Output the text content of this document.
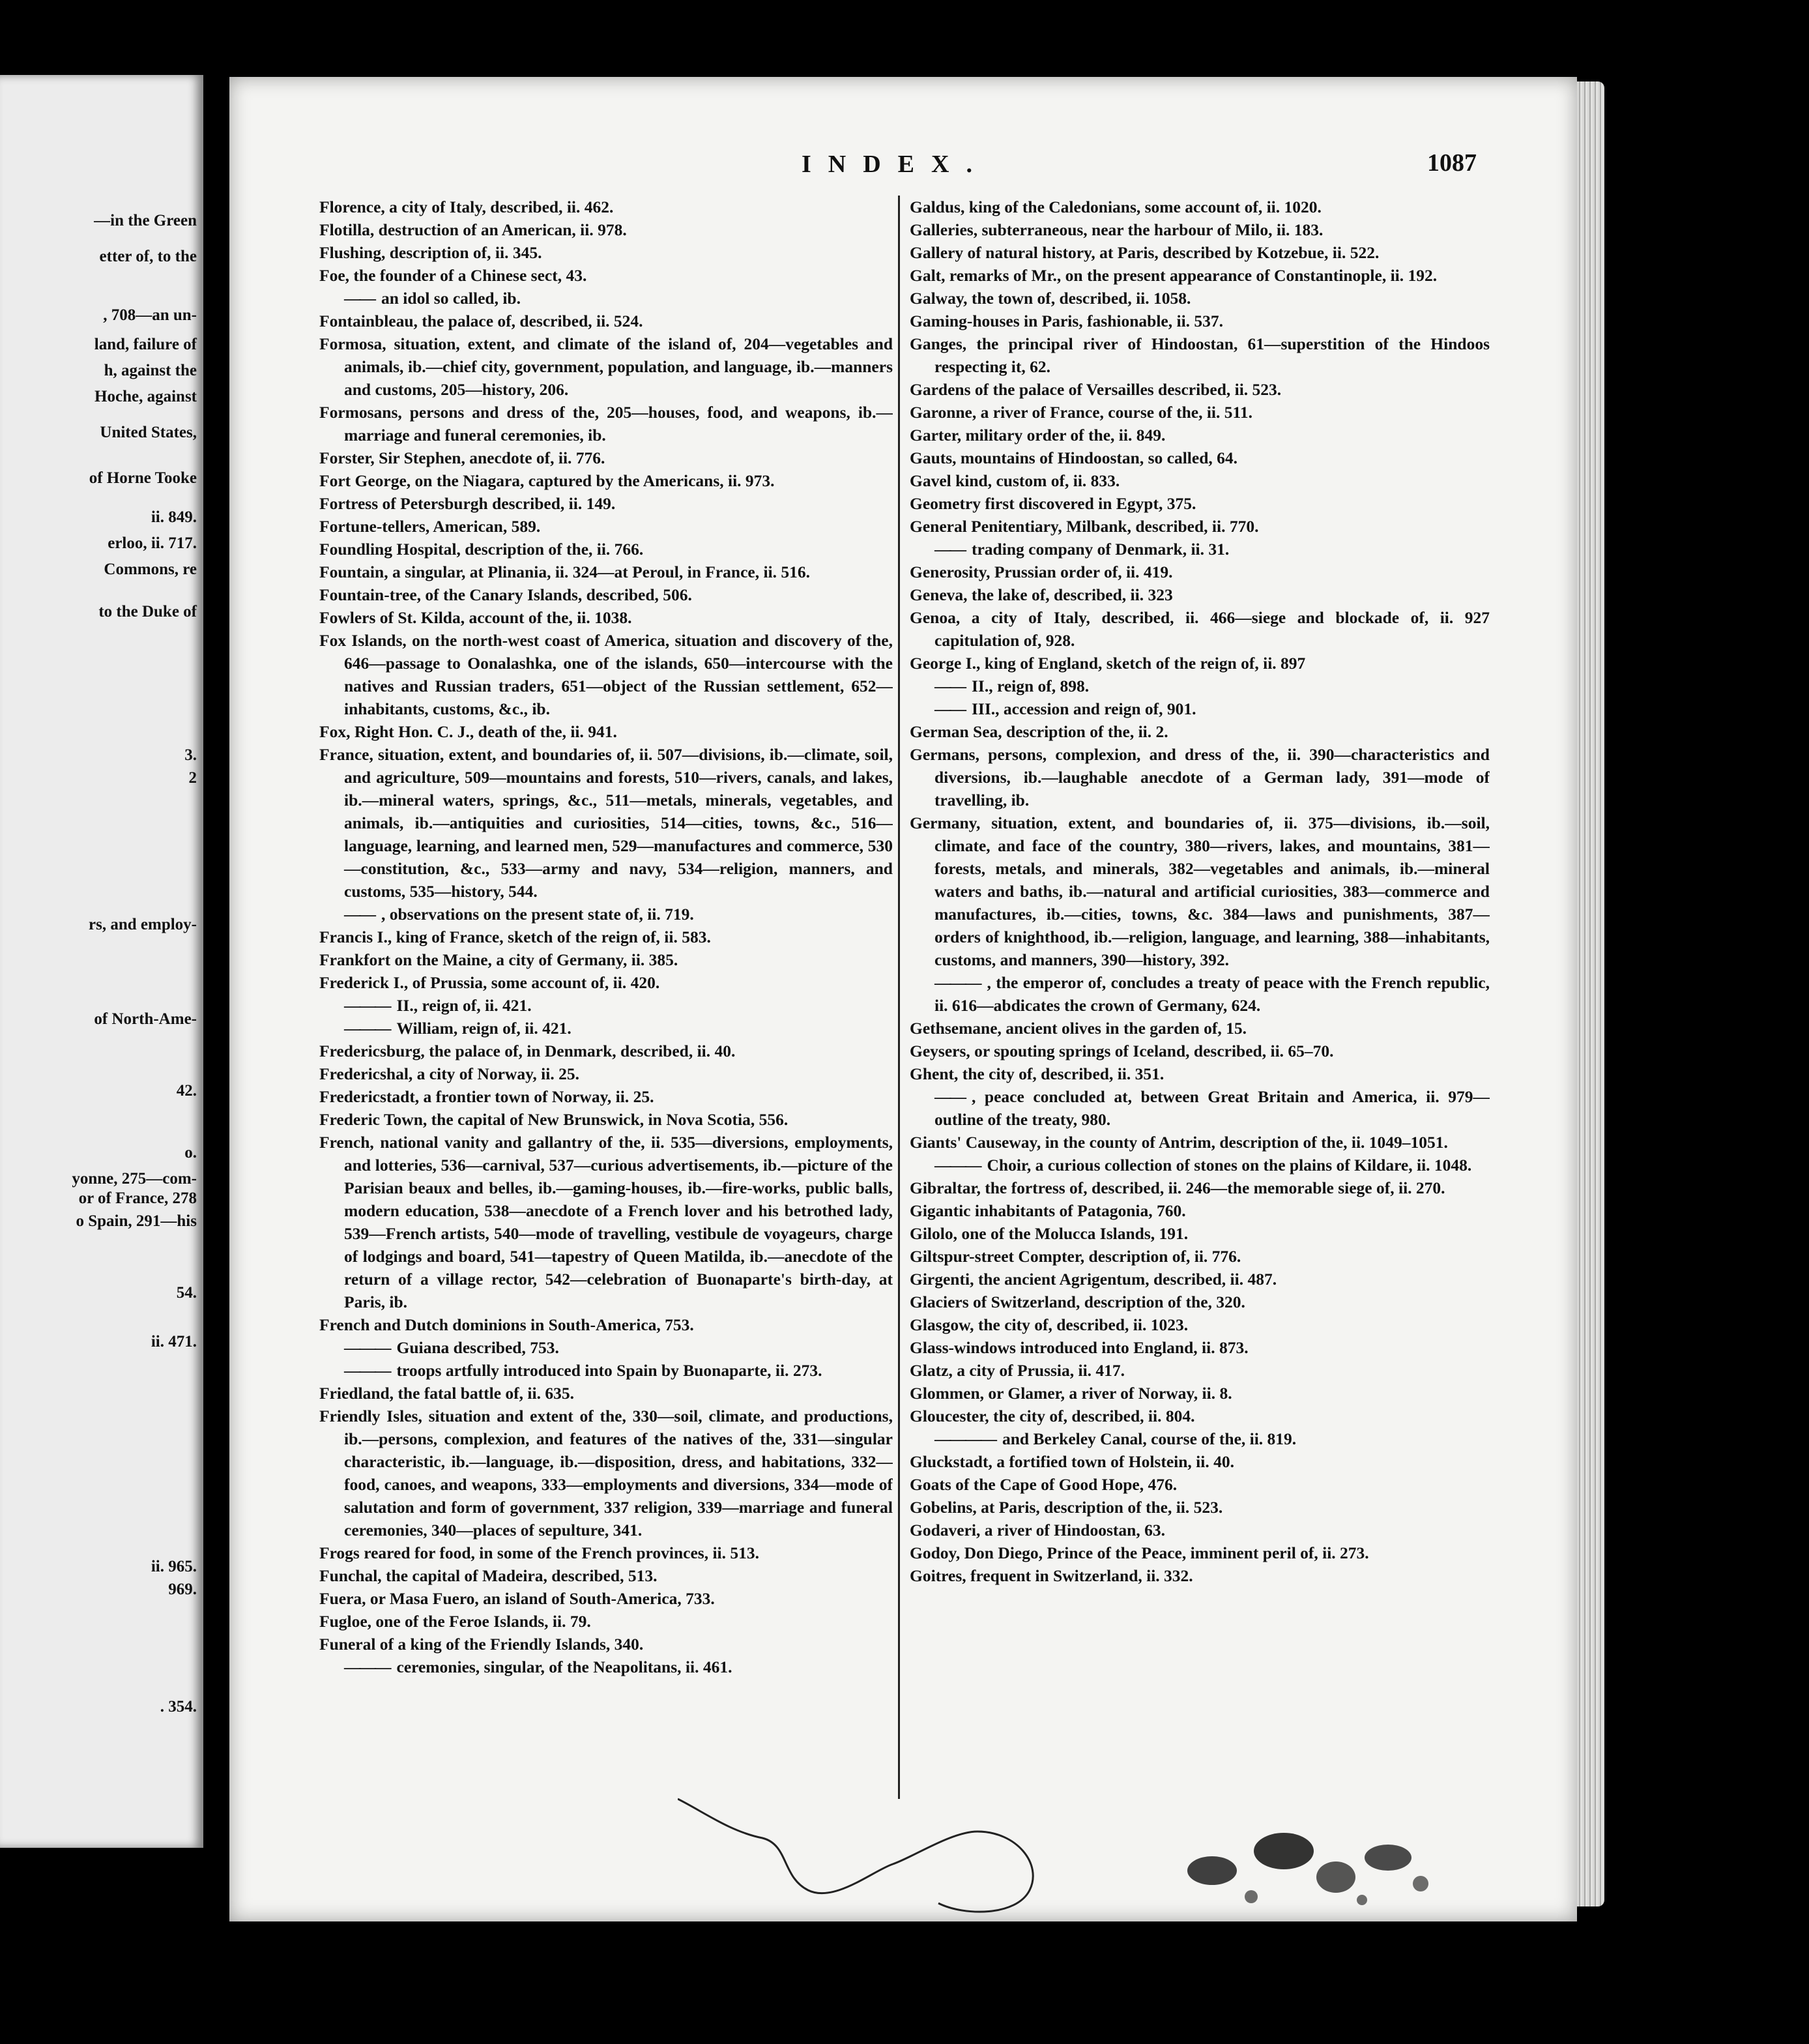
—in the Green
etter of, to the
, 708—an un-
land, failure of
h, against the
Hoche, against
United States,
of Horne Tooke
ii. 849.
erloo, ii. 717.
Commons, re
to the Duke of
3.
2
rs, and employ-
of North-Ame-
42.
o.
yonne, 275—com-
or of France, 278
o Spain, 291—his
54.
ii. 471.
ii. 965.
969.
. 354.
INDEX.	1087
Florence, a city of Italy, described, ii. 462.
Flotilla, destruction of an American, ii. 978.
Flushing, description of, ii. 345.
Foe, the founder of a Chinese sect, 43.
—— an idol so called, ib.
Fontainbleau, the palace of, described, ii. 524.
Formosa, situation, extent, and climate of the island of, 204—vegetables and animals, ib.—chief city, government, population, and language, ib.—manners and customs, 205—history, 206.
Formosans, persons and dress of the, 205—houses, food, and weapons, ib.—marriage and funeral ceremonies, ib.
Forster, Sir Stephen, anecdote of, ii. 776.
Fort George, on the Niagara, captured by the Americans, ii. 973.
Fortress of Petersburgh described, ii. 149.
Fortune-tellers, American, 589.
Foundling Hospital, description of the, ii. 766.
Fountain, a singular, at Plinania, ii. 324—at Peroul, in France, ii. 516.
Fountain-tree, of the Canary Islands, described, 506.
Fowlers of St. Kilda, account of the, ii. 1038.
Fox Islands, on the north-west coast of America, situation and discovery of the, 646—passage to Oonalashka, one of the islands, 650—intercourse with the natives and Russian traders, 651—object of the Russian settlement, 652—inhabitants, customs, &c., ib.
Fox, Right Hon. C. J., death of the, ii. 941.
France, situation, extent, and boundaries of, ii. 507—divisions, ib.—climate, soil, and agriculture, 509—mountains and forests, 510—rivers, canals, and lakes, ib.—mineral waters, springs, &c., 511—metals, minerals, vegetables, and animals, ib.—antiquities and curiosities, 514—cities, towns, &c., 516—language, learning, and learned men, 529—manufactures and commerce, 530—constitution, &c., 533—army and navy, 534—religion, manners, and customs, 535—history, 544.
—— , observations on the present state of, ii. 719.
Francis I., king of France, sketch of the reign of, ii. 583.
Frankfort on the Maine, a city of Germany, ii. 385.
Frederick I., of Prussia, some account of, ii. 420.
——— II., reign of, ii. 421.
——— William, reign of, ii. 421.
Fredericsburg, the palace of, in Denmark, described, ii. 40.
Fredericshal, a city of Norway, ii. 25.
Fredericstadt, a frontier town of Norway, ii. 25.
Frederic Town, the capital of New Brunswick, in Nova Scotia, 556.
French, national vanity and gallantry of the, ii. 535—diversions, employments, and lotteries, 536—carnival, 537—curious advertisements, ib.—picture of the Parisian beaux and belles, ib.—gaming-houses, ib.—fire-works, public balls, modern education, 538—anecdote of a French lover and his betrothed lady, 539—French artists, 540—mode of travelling, vestibule de voyageurs, charge of lodgings and board, 541—tapestry of Queen Matilda, ib.—anecdote of the return of a village rector, 542—celebration of Buonaparte's birth-day, at Paris, ib.
French and Dutch dominions in South-America, 753.
——— Guiana described, 753.
——— troops artfully introduced into Spain by Buonaparte, ii. 273.
Friedland, the fatal battle of, ii. 635.
Friendly Isles, situation and extent of the, 330—soil, climate, and productions, ib.—persons, complexion, and features of the natives of the, 331—singular characteristic, ib.—language, ib.—disposition, dress, and habitations, 332—food, canoes, and weapons, 333—employments and diversions, 334—mode of salutation and form of government, 337 religion, 339—marriage and funeral ceremonies, 340—places of sepulture, 341.
Frogs reared for food, in some of the French provinces, ii. 513.
Funchal, the capital of Madeira, described, 513.
Fuera, or Masa Fuero, an island of South-America, 733.
Fugloe, one of the Feroe Islands, ii. 79.
Funeral of a king of the Friendly Islands, 340.
——— ceremonies, singular, of the Neapolitans, ii. 461.
Galdus, king of the Caledonians, some account of, ii. 1020.
Galleries, subterraneous, near the harbour of Milo, ii. 183.
Gallery of natural history, at Paris, described by Kotzebue, ii. 522.
Galt, remarks of Mr., on the present appearance of Constantinople, ii. 192.
Galway, the town of, described, ii. 1058.
Gaming-houses in Paris, fashionable, ii. 537.
Ganges, the principal river of Hindoostan, 61—superstition of the Hindoos respecting it, 62.
Gardens of the palace of Versailles described, ii. 523.
Garonne, a river of France, course of the, ii. 511.
Garter, military order of the, ii. 849.
Gauts, mountains of Hindoostan, so called, 64.
Gavel kind, custom of, ii. 833.
Geometry first discovered in Egypt, 375.
General Penitentiary, Milbank, described, ii. 770.
—— trading company of Denmark, ii. 31.
Generosity, Prussian order of, ii. 419.
Geneva, the lake of, described, ii. 323
Genoa, a city of Italy, described, ii. 466—siege and blockade of, ii. 927 capitulation of, 928.
George I., king of England, sketch of the reign of, ii. 897
—— II., reign of, 898.
—— III., accession and reign of, 901.
German Sea, description of the, ii. 2.
Germans, persons, complexion, and dress of the, ii. 390—characteristics and diversions, ib.—laughable anecdote of a German lady, 391—mode of travelling, ib.
Germany, situation, extent, and boundaries of, ii. 375—divisions, ib.—soil, climate, and face of the country, 380—rivers, lakes, and mountains, 381—forests, metals, and minerals, 382—vegetables and animals, ib.—mineral waters and baths, ib.—natural and artificial curiosities, 383—commerce and manufactures, ib.—cities, towns, &c. 384—laws and punishments, 387—orders of knighthood, ib.—religion, language, and learning, 388—inhabitants, customs, and manners, 390—history, 392.
——— , the emperor of, concludes a treaty of peace with the French republic, ii. 616—abdicates the crown of Germany, 624.
Gethsemane, ancient olives in the garden of, 15.
Geysers, or spouting springs of Iceland, described, ii. 65–70.
Ghent, the city of, described, ii. 351.
—— , peace concluded at, between Great Britain and America, ii. 979—outline of the treaty, 980.
Giants' Causeway, in the county of Antrim, description of the, ii. 1049–1051.
——— Choir, a curious collection of stones on the plains of Kildare, ii. 1048.
Gibraltar, the fortress of, described, ii. 246—the memorable siege of, ii. 270.
Gigantic inhabitants of Patagonia, 760.
Gilolo, one of the Molucca Islands, 191.
Giltspur-street Compter, description of, ii. 776.
Girgenti, the ancient Agrigentum, described, ii. 487.
Glaciers of Switzerland, description of the, 320.
Glasgow, the city of, described, ii. 1023.
Glass-windows introduced into England, ii. 873.
Glatz, a city of Prussia, ii. 417.
Glommen, or Glamer, a river of Norway, ii. 8.
Gloucester, the city of, described, ii. 804.
———— and Berkeley Canal, course of the, ii. 819.
Gluckstadt, a fortified town of Holstein, ii. 40.
Goats of the Cape of Good Hope, 476.
Gobelins, at Paris, description of the, ii. 523.
Godaveri, a river of Hindoostan, 63.
Godoy, Don Diego, Prince of the Peace, imminent peril of, ii. 273.
Goitres, frequent in Switzerland, ii. 332.
